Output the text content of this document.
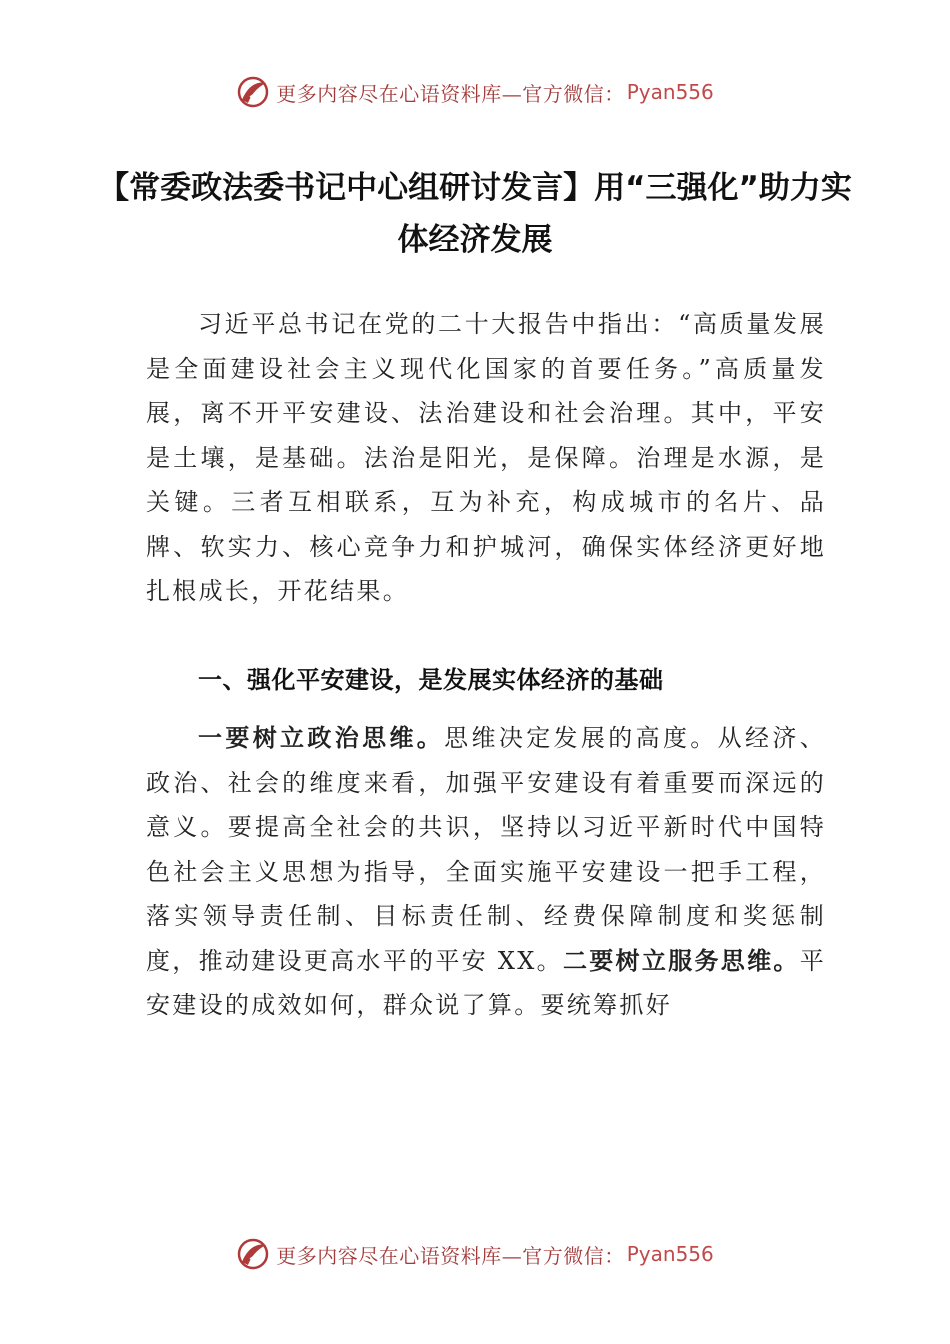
更多内容尽在心语资料库—官方微信： Pyan556
【常委政法委书记中心组研讨发言】用“三强化”助力实体经济发展
习近平总书记在党的二十大报告中指出：“高质量发展是全面建设社会主义现代化国家的首要任务。”高质量发展，离不开平安建设、法治建设和社会治理。其中，平安是土壤，是基础。法治是阳光，是保障。治理是水源，是关键。三者互相联系，互为补充，构成城市的名片、品牌、软实力、核心竞争力和护城河，确保实体经济更好地扎根成长，开花结果。
一、强化平安建设，是发展实体经济的基础
一要树立政治思维。思维决定发展的高度。从经济、政治、社会的维度来看，加强平安建设有着重要而深远的意义。要提高全社会的共识，坚持以习近平新时代中国特色社会主义思想为指导，全面实施平安建设一把手工程，落实领导责任制、目标责任制、经费保障制度和奖惩制度，推动建设更高水平的平安 XX。二要树立服务思维。平安建设的成效如何，群众说了算。要统筹抓好
更多内容尽在心语资料库—官方微信： Pyan556
